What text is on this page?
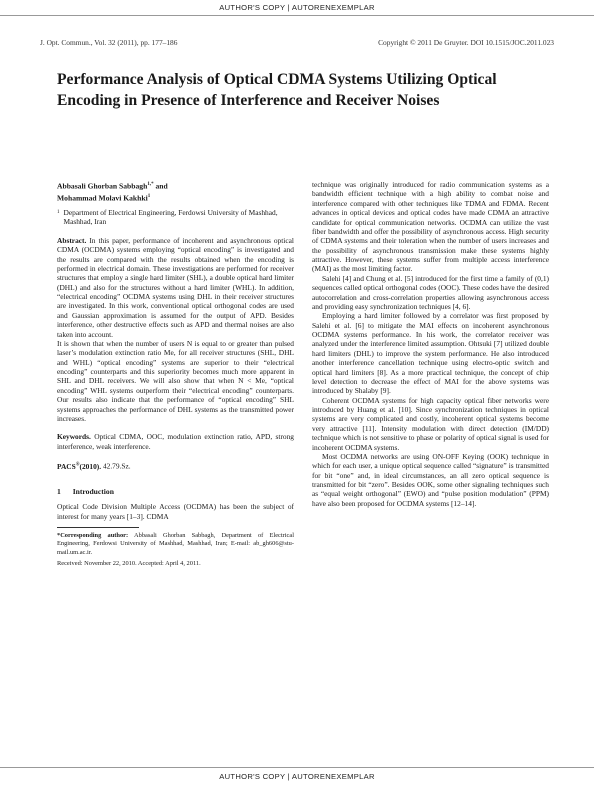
AUTHOR'S COPY | AUTORENEXEMPLAR
J. Opt. Commun., Vol. 32 (2011), pp. 177–186	Copyright © 2011 De Gruyter. DOI 10.1515/JOC.2011.023
Performance Analysis of Optical CDMA Systems Utilizing Optical Encoding in Presence of Interference and Receiver Noises

Abbasali Ghorban Sabbagh$^{1,*}$ and
Mohammad Molavi Kakhki$^1$

1 Department of Electrical Engineering, Ferdowsi University of Mashhad, Mashhad, Iran

Abstract. In this paper, performance of incoherent and asynchronous optical CDMA (OCDMA) systems employing “optical encoding” is investigated and the results are compared with the results obtained when the encoding is performed in electrical domain. These investigations are performed for receiver structures that employ a single hard limiter (SHL), a double optical hard limiter (DHL) and also for the structures without a hard limiter (WHL). In addition, “electrical encoding” OCDMA systems using DHL in their receiver structures are investigated. In this work, conventional optical orthogonal codes are used and Gaussian approximation is assumed for the output of APD. Besides interference, other destructive effects such as APD and thermal noises are also taken into account.

It is shown that when the number of users N is equal to or greater than pulsed laser’s modulation extinction ratio Me, for all receiver structures (SHL, DHL and WHL) “optical encoding” systems are superior to their “electrical encoding” counterparts and this superiority becomes much more apparent in SHL and DHL receivers. We will also show that when N < Me, “optical encoding” WHL systems outperform their “electrical encoding” counterparts. Our results also indicate that the performance of “optical encoding” SHL systems approaches the performance of DHL systems as the transmitted power increases.

Keywords. Optical CDMA, OOC, modulation extinction ratio, APD, strong interference, weak interference.

PACS®(2010). 42.79.Sz.

1 Introduction

Optical Code Division Multiple Access (OCDMA) has been the subject of interest for many years [1–3]. CDMA

*Corresponding author: Abbasali Ghorban Sabbagh, Department of Electrical Engineering, Ferdowsi University of Mashhad, Mashhad, Iran; E-mail: ab_gh606@stu-mail.um.ac.ir.

Received: November 22, 2010. Accepted: April 4, 2011.

technique was originally introduced for radio communication systems as a bandwidth efficient technique with a high ability to combat noise and interference compared with other techniques like TDMA and FDMA. Recent advances in optical devices and optical codes have made CDMA an attractive candidate for optical communication networks. OCDMA can utilize the vast fiber bandwidth and offer the possibility of asynchronous access. High security of CDMA systems and their toleration when the number of users increases and the possibility of asynchronous transmission make these systems highly attractive. However, these systems suffer from multiple access interference (MAI) as the most limiting factor.

Salehi [4] and Chung et al. [5] introduced for the first time a family of (0,1) sequences called optical orthogonal codes (OOC). These codes have the desired autocorrelation and cross-correlation properties allowing asynchronous access and providing easy synchronization techniques [4, 6].

Employing a hard limiter followed by a correlator was first proposed by Salehi et al. [6] to mitigate the MAI effects on incoherent asynchronous OCDMA systems performance. In his work, the correlator receiver was analyzed under the interference limited assumption. Ohtsuki [7] utilized double hard limiters (DHL) to improve the system performance. He also introduced another interference cancellation technique using electro-optic switch and optical hard limiters [8]. As a more practical technique, the concept of chip level detection to decrease the effect of MAI for the above systems was introduced by Shalaby [9].

Coherent OCDMA systems for high capacity optical fiber networks were introduced by Huang et al. [10]. Since synchronization techniques in optical systems are very complicated and costly, incoherent optical systems become very attractive [11]. Intensity modulation with direct detection (IM/DD) technique which is not sensitive to phase or polarity of optical signal is used for incoherent OCDMA systems.

Most OCDMA networks are using ON-OFF Keying (OOK) technique in which for each user, a unique optical sequence called “signature” is transmitted for bit “one” and, in ideal circumstances, an all zero optical sequence is transmitted for bit “zero”. Besides OOK, some other signaling techniques such as “equal weight orthogonal” (EWO) and “pulse position modulation” (PPM) have also been proposed for OCDMA systems [12–14].

AUTHOR'S COPY | AUTORENEXEMPLAR
